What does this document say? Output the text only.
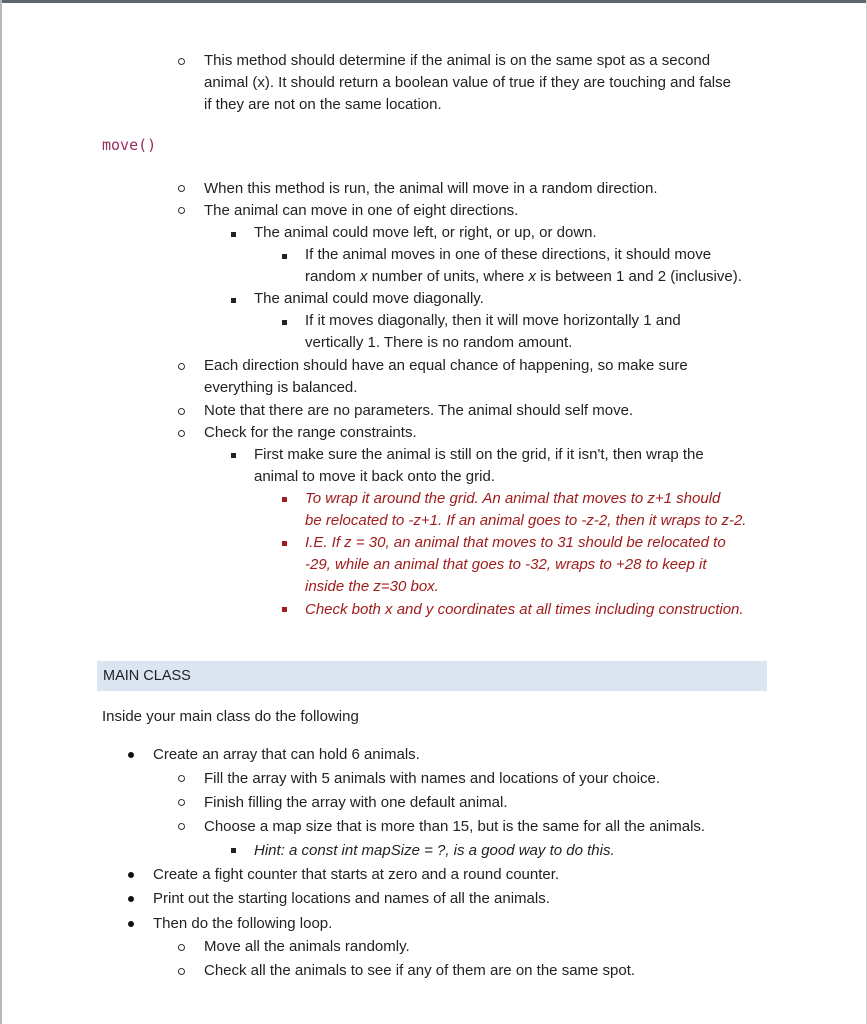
This method should determine if the animal is on the same spot as a second
animal (x). It should return a boolean value of true if they are touching and false
if they are not on the same location.
move()
When this method is run, the animal will move in a random direction.
The animal can move in one of eight directions.
The animal could move left, or right, or up, or down.
If the animal moves in one of these directions, it should move
random x number of units, where x is between 1 and 2 (inclusive).
The animal could move diagonally.
If it moves diagonally, then it will move horizontally 1 and
vertically 1. There is no random amount.
Each direction should have an equal chance of happening, so make sure
everything is balanced.
Note that there are no parameters. The animal should self move.
Check for the range constraints.
First make sure the animal is still on the grid, if it isn't, then wrap the
animal to move it back onto the grid.
To wrap it around the grid. An animal that moves to z+1 should
be relocated to -z+1. If an animal goes to -z-2, then it wraps to z-2.
I.E. If z = 30, an animal that moves to 31 should be relocated to
-29, while an animal that goes to -32, wraps to +28 to keep it
inside the z=30 box.
Check both x and y coordinates at all times including construction.
MAIN CLASS
Inside your main class do the following
Create an array that can hold 6 animals.
Fill the array with 5 animals with names and locations of your choice.
Finish filling the array with one default animal.
Choose a map size that is more than 15, but is the same for all the animals.
Hint: a const int mapSize = ?, is a good way to do this.
Create a fight counter that starts at zero and a round counter.
Print out the starting locations and names of all the animals.
Then do the following loop.
Move all the animals randomly.
Check all the animals to see if any of them are on the same spot.
